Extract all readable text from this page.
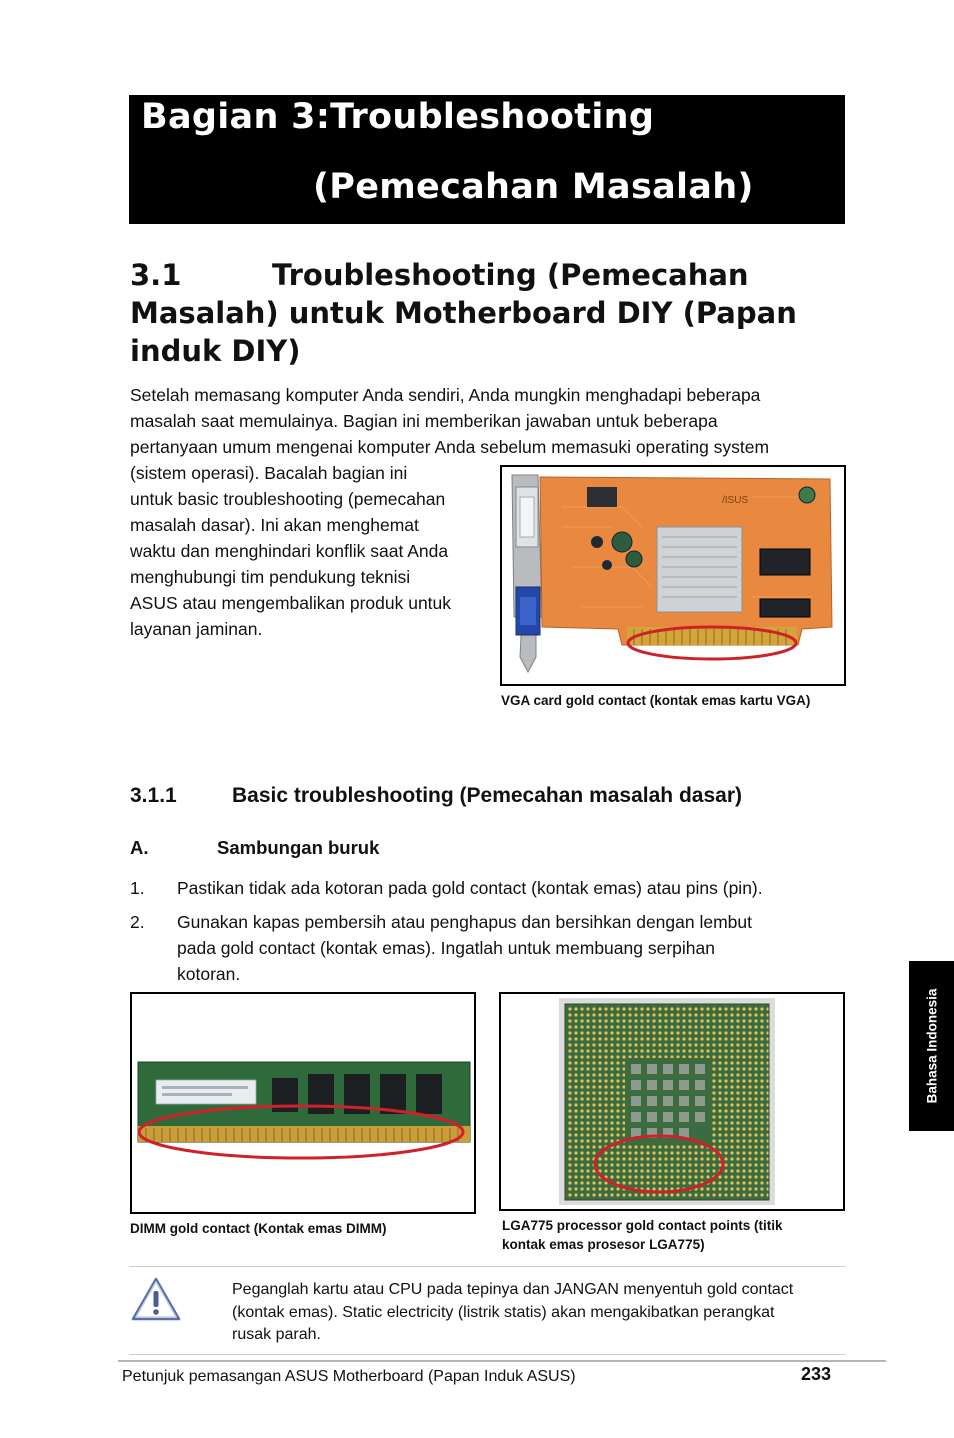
Bagian 3:Troubleshooting
(Pemecahan Masalah)
3.1	Troubleshooting (Pemecahan
Masalah) untuk Motherboard DIY (Papan
induk DIY)
Setelah memasang komputer Anda sendiri, Anda mungkin menghadapi beberapa
masalah saat memulainya. Bagian ini memberikan jawaban untuk beberapa
pertanyaan umum mengenai komputer Anda sebelum memasuki operating system
(sistem operasi). Bacalah bagian ini
untuk basic troubleshooting (pemecahan
masalah dasar). Ini akan menghemat
waktu dan menghindari konflik saat Anda
menghubungi tim pendukung teknisi
ASUS atau mengembalikan produk untuk
layanan jaminan.
/ISUS
VGA card gold contact (kontak emas kartu VGA)
3.1.1	Basic troubleshooting (Pemecahan masalah dasar)
A.	Sambungan buruk
1. Pastikan tidak ada kotoran pada gold contact (kontak emas) atau pins (pin).
2. Gunakan kapas pembersih atau penghapus dan bersihkan dengan lembut
pada gold contact (kontak emas). Ingatlah untuk membuang serpihan
kotoran.
DIMM gold contact (Kontak emas DIMM)	LGA775 processor gold contact points (titik
kontak emas prosesor LGA775)
Peganglah kartu atau CPU pada tepinya dan JANGAN menyentuh gold contact
(kontak emas). Static electricity (listrik statis) akan mengakibatkan perangkat
rusak parah.
Petunjuk pemasangan ASUS Motherboard (Papan Induk ASUS)	233
Bahasa Indonesia
